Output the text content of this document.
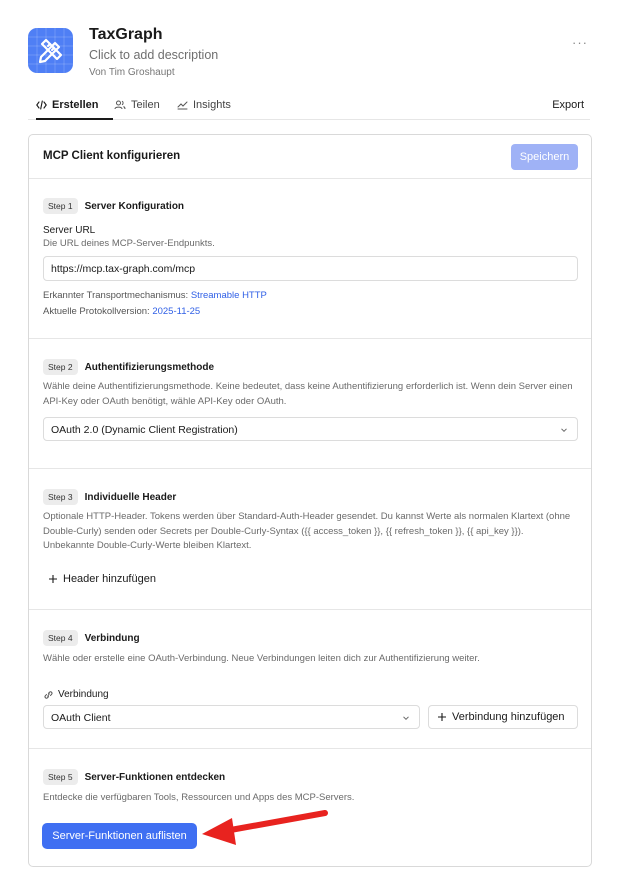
TaxGraph
Click to add description
Von Tim Groshaupt
···
Erstellen	Teilen	Insights	Export
MCP Client konfigurieren	Speichern
Step 1	Server Konfiguration
Server URL
Die URL deines MCP-Server-Endpunkts.
https://mcp.tax-graph.com/mcp
Erkannter Transportmechanismus: Streamable HTTP
Aktuelle Protokollversion: 2025-11-25
Step 2	Authentifizierungsmethode
Wähle deine Authentifizierungsmethode. Keine bedeutet, dass keine Authentifizierung erforderlich ist. Wenn dein Server einen API-Key oder OAuth benötigt, wähle API-Key oder OAuth.
OAuth 2.0 (Dynamic Client Registration)
Step 3	Individuelle Header
Optionale HTTP-Header. Tokens werden über Standard-Auth-Header gesendet. Du kannst Werte als normalen Klartext (ohne Double-Curly) senden oder Secrets per Double-Curly-Syntax ({{ access_token }}, {{ refresh_token }}, {{ api_key }}). Unbekannte Double-Curly-Werte bleiben Klartext.
Header hinzufügen
Step 4	Verbindung
Wähle oder erstelle eine OAuth-Verbindung. Neue Verbindungen leiten dich zur Authentifizierung weiter.
Verbindung
OAuth Client	Verbindung hinzufügen
Step 5	Server-Funktionen entdecken
Entdecke die verfügbaren Tools, Ressourcen und Apps des MCP-Servers.
Server-Funktionen auflisten
